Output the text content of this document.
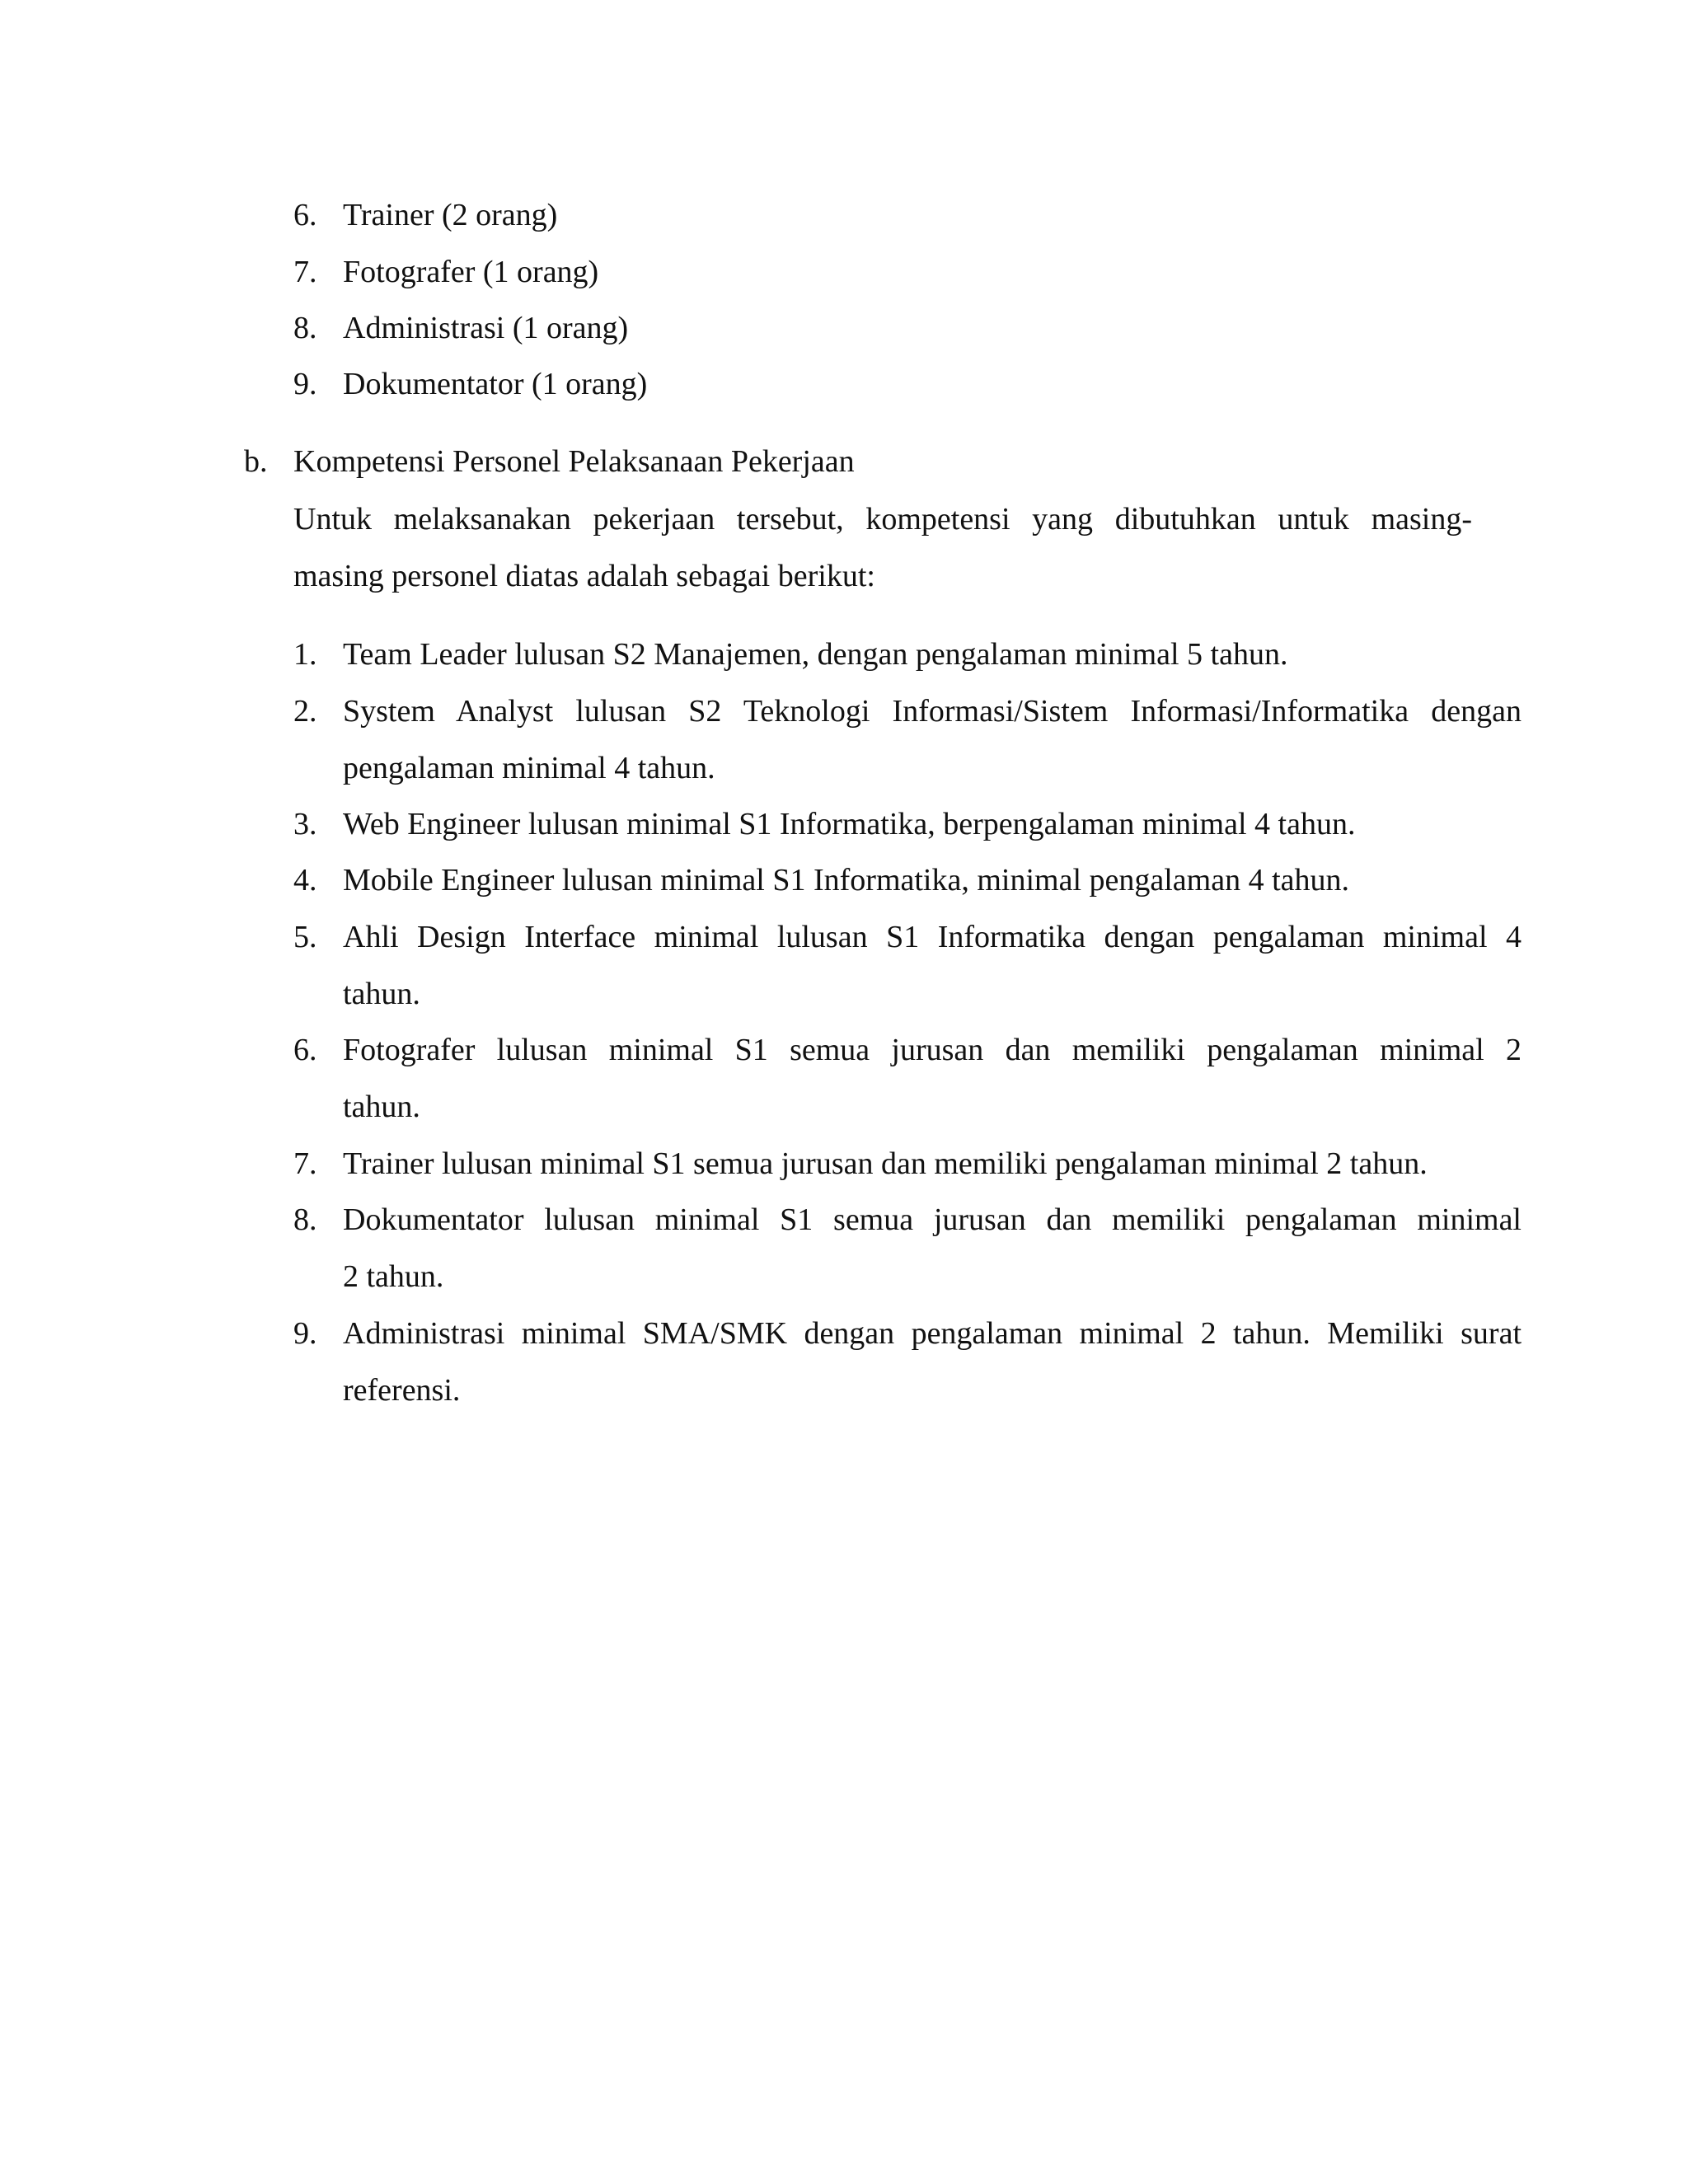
6. Trainer (2 orang)
7. Fotografer (1 orang)
8. Administrasi (1 orang)
9. Dokumentator (1 orang)
b. Kompetensi Personel Pelaksanaan Pekerjaan
Untuk melaksanakan pekerjaan tersebut, kompetensi yang dibutuhkan untuk masing-
masing personel diatas adalah sebagai berikut:
1. Team Leader lulusan S2 Manajemen, dengan pengalaman minimal 5 tahun.
2. System Analyst lulusan S2 Teknologi Informasi/Sistem Informasi/Informatika dengan
pengalaman minimal 4 tahun.
3. Web Engineer lulusan minimal S1 Informatika, berpengalaman minimal 4 tahun.
4. Mobile Engineer lulusan minimal S1 Informatika, minimal pengalaman 4 tahun.
5. Ahli Design Interface minimal lulusan S1 Informatika dengan pengalaman minimal 4
tahun.
6. Fotografer lulusan minimal S1 semua jurusan dan memiliki pengalaman minimal 2
tahun.
7. Trainer lulusan minimal S1 semua jurusan dan memiliki pengalaman minimal 2 tahun.
8. Dokumentator lulusan minimal S1 semua jurusan dan memiliki pengalaman minimal
2 tahun.
9. Administrasi minimal SMA/SMK dengan pengalaman minimal 2 tahun. Memiliki surat
referensi.
